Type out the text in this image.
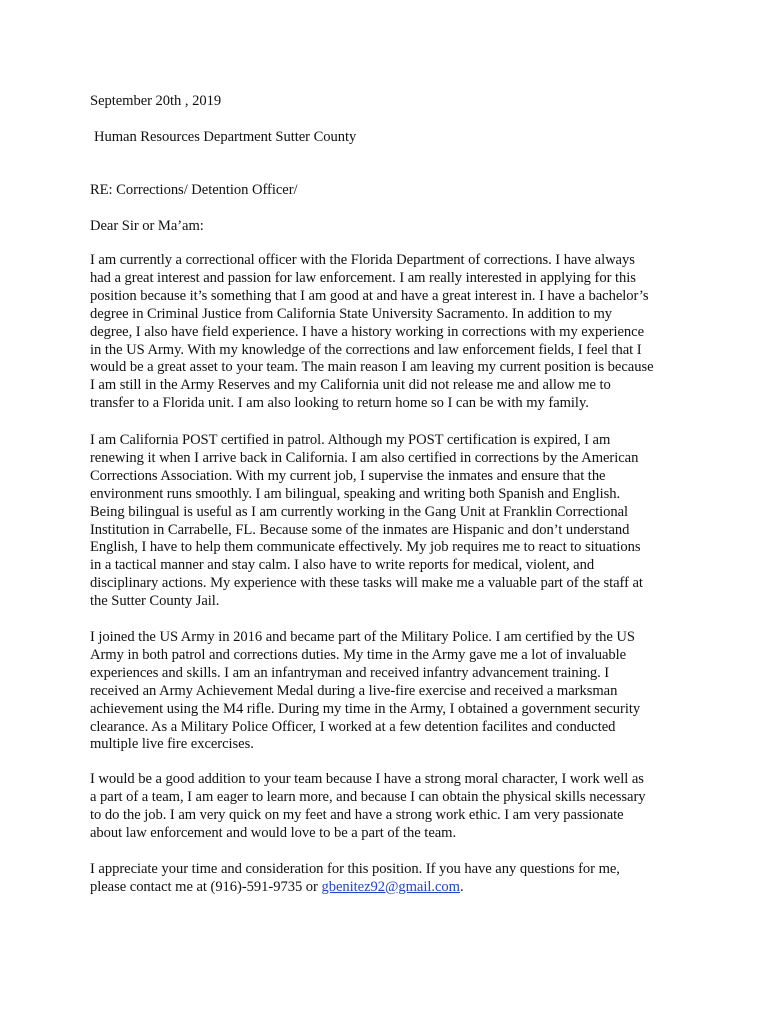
September 20th , 2019
Human Resources Department Sutter County
RE: Corrections/ Detention Officer/
Dear Sir or Ma’am:
I am currently a correctional officer with the Florida Department of corrections. I have always
had a great interest and passion for law enforcement. I am really interested in applying for this
position because it’s something that I am good at and have a great interest in. I have a bachelor’s
degree in Criminal Justice from California State University Sacramento. In addition to my
degree, I also have field experience. I have a history working in corrections with my experience
in the US Army. With my knowledge of the corrections and law enforcement fields, I feel that I
would be a great asset to your team. The main reason I am leaving my current position is because
I am still in the Army Reserves and my California unit did not release me and allow me to
transfer to a Florida unit. I am also looking to return home so I can be with my family.
I am California POST certified in patrol. Although my POST certification is expired, I am
renewing it when I arrive back in California. I am also certified in corrections by the American
Corrections Association. With my current job, I supervise the inmates and ensure that the
environment runs smoothly. I am bilingual, speaking and writing both Spanish and English.
Being bilingual is useful as I am currently working in the Gang Unit at Franklin Correctional
Institution in Carrabelle, FL. Because some of the inmates are Hispanic and don’t understand
English, I have to help them communicate effectively. My job requires me to react to situations
in a tactical manner and stay calm. I also have to write reports for medical, violent, and
disciplinary actions. My experience with these tasks will make me a valuable part of the staff at
the Sutter County Jail.
I joined the US Army in 2016 and became part of the Military Police. I am certified by the US
Army in both patrol and corrections duties. My time in the Army gave me a lot of invaluable
experiences and skills. I am an infantryman and received infantry advancement training. I
received an Army Achievement Medal during a live-fire exercise and received a marksman
achievement using the M4 rifle. During my time in the Army, I obtained a government security
clearance. As a Military Police Officer, I worked at a few detention facilites and conducted
multiple live fire excercises.
I would be a good addition to your team because I have a strong moral character, I work well as
a part of a team, I am eager to learn more, and because I can obtain the physical skills necessary
to do the job. I am very quick on my feet and have a strong work ethic. I am very passionate
about law enforcement and would love to be a part of the team.
I appreciate your time and consideration for this position. If you have any questions for me,
please contact me at (916)-591-9735 or gbenitez92@gmail.com.
